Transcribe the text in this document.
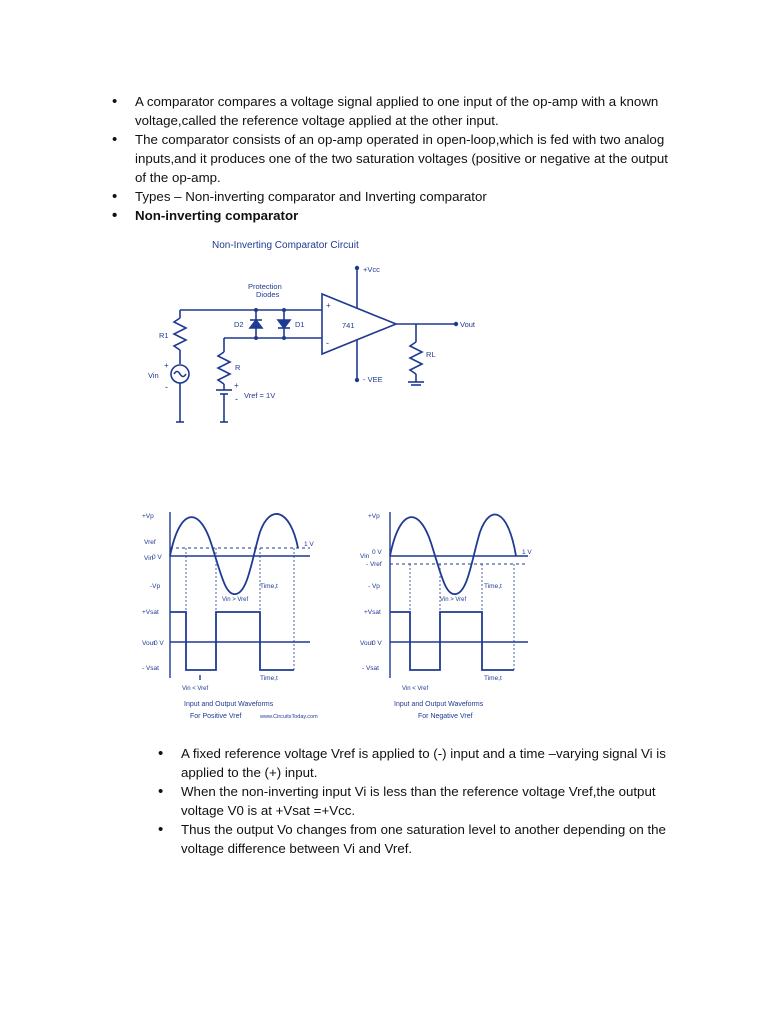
• A comparator compares a voltage signal applied to one input of the op-amp with a known voltage,called the reference voltage applied at the other input.
• The comparator consists of an op-amp operated in open-loop,which is fed with two analog inputs,and it produces one of the two saturation voltages (positive or negative at the output of the op-amp.
• Types – Non-inverting comparator and Inverting comparator
• Non-inverting comparator
Non-Inverting Comparator Circuit
+Vcc
- VEE
741
+
-
Protection
Diodes
D2	D1
R1
R
RL
Vin
+
-
Vout
+
- Vref = 1V
+Vp
Vref
Vin
0 V
-Vp
1 V
Time,t
Vin > Vref
+Vsat
Vout
0 V
- Vsat
Time,t
Vin < Vref
Input and Output Waveforms
For Positive Vref	www.CircuitsToday.com
+Vp
Vin
0 V
- Vref
- Vp
1 V
Time,t
Vin > Vref
+Vsat
Vout
0 V
- Vsat
Time,t
Vin < Vref
Input and Output Waveforms
For Negative Vref
• A fixed reference voltage Vref is applied to (-) input and a time –varying signal Vi is applied to the (+) input.
• When the non-inverting input Vi is less than the reference voltage Vref,the output voltage V0 is at +Vsat =+Vcc.
• Thus the output Vo changes from one saturation level to another depending on the voltage difference between Vi and Vref.
